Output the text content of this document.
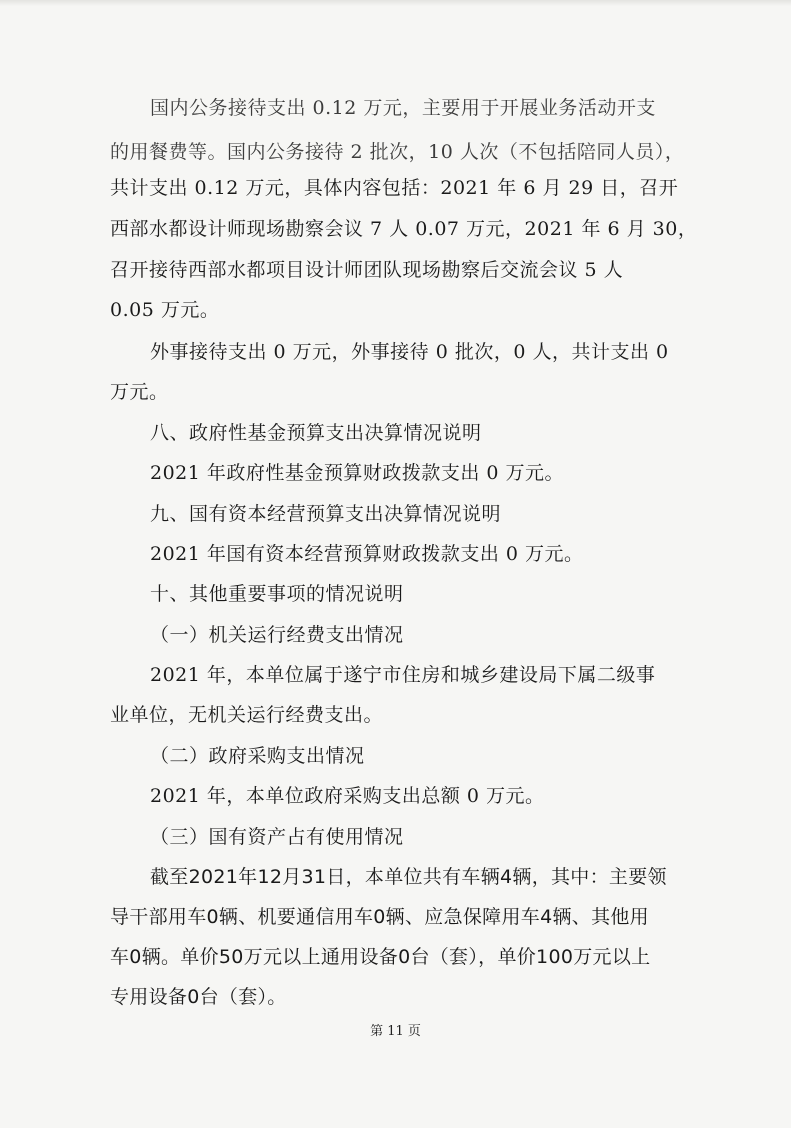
国内公务接待支出 0.12 万元，主要用于开展业务活动开支
的用餐费等。国内公务接待 2 批次，10 人次（不包括陪同人员），
共计支出 0.12 万元，具体内容包括：2021 年 6 月 29 日，召开
西部水都设计师现场勘察会议 7 人 0.07 万元，2021 年 6 月 30，
召开接待西部水都项目设计师团队现场勘察后交流会议 5 人
0.05 万元。
外事接待支出 0 万元，外事接待 0 批次，0 人，共计支出 0
万元。
八、政府性基金预算支出决算情况说明
2021 年政府性基金预算财政拨款支出 0 万元。
九、国有资本经营预算支出决算情况说明
2021 年国有资本经营预算财政拨款支出 0 万元。
十、其他重要事项的情况说明
（一）机关运行经费支出情况
2021 年，本单位属于遂宁市住房和城乡建设局下属二级事
业单位，无机关运行经费支出。
（二）政府采购支出情况
2021 年，本单位政府采购支出总额 0 万元。
（三）国有资产占有使用情况
截至2021年12月31日，本单位共有车辆4辆，其中：主要领
导干部用车0辆、机要通信用车0辆、应急保障用车4辆、其他用
车0辆。单价50万元以上通用设备0台（套），单价100万元以上
专用设备0台（套）。
第 11 页
